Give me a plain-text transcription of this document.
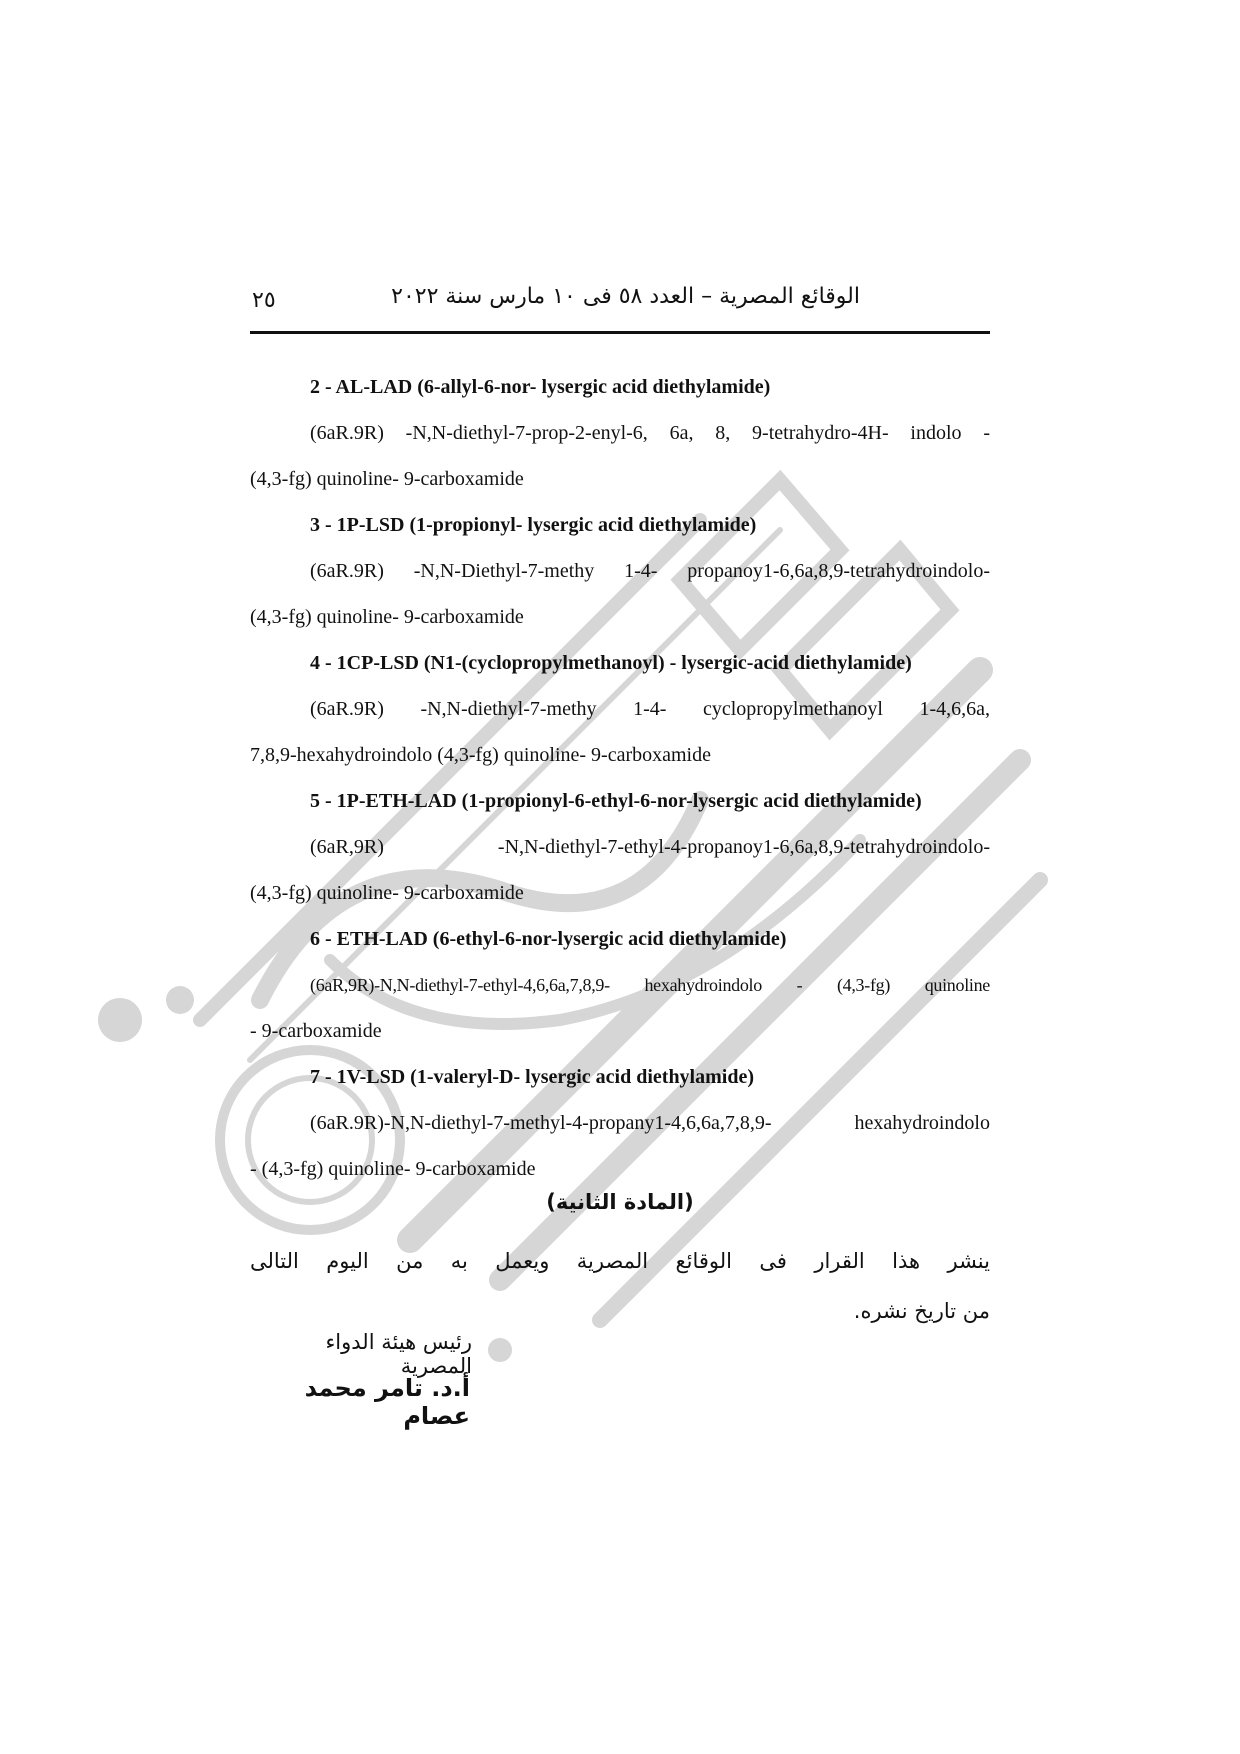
٢٥	الوقائع المصرية – العدد ٥٨ فى ١٠ مارس سنة ٢٠٢٢
2 - AL-LAD (6-allyl-6-nor- lysergic acid diethylamide)
(6aR.9R) -N,N-diethyl-7-prop-2-enyl-6, 6a, 8, 9-tetrahydro-4H- indolo -
(4,3-fg) quinoline- 9-carboxamide
3 - 1P-LSD (1-propionyl- lysergic acid diethylamide)
(6aR.9R) -N,N-Diethyl-7-methy 1-4- propanoy1-6,6a,8,9-tetrahydroindolo-
(4,3-fg) quinoline- 9-carboxamide
4 - 1CP-LSD (N1-(cyclopropylmethanoyl) - lysergic-acid diethylamide)
(6aR.9R) -N,N-diethyl-7-methy 1-4- cyclopropylmethanoyl 1-4,6,6a,
7,8,9-hexahydroindolo (4,3-fg) quinoline- 9-carboxamide
5 - 1P-ETH-LAD (1-propionyl-6-ethyl-6-nor-lysergic acid diethylamide)
(6aR,9R) -N,N-diethyl-7-ethyl-4-propanoy1-6,6a,8,9-tetrahydroindolo-
(4,3-fg) quinoline- 9-carboxamide
6 - ETH-LAD (6-ethyl-6-nor-lysergic acid diethylamide)
(6aR,9R)-N,N-diethyl-7-ethyl-4,6,6a,7,8,9- hexahydroindolo - (4,3-fg) quinoline
- 9-carboxamide
7 - 1V-LSD (1-valeryl-D- lysergic acid diethylamide)
(6aR.9R)-N,N-diethyl-7-methyl-4-propany1-4,6,6a,7,8,9- hexahydroindolo
- (4,3-fg) quinoline- 9-carboxamide
(المادة الثانية)
ينشر هذا القرار فى الوقائع المصرية ويعمل به من اليوم التالى
من تاريخ نشره.
رئيس هيئة الدواء المصرية
أ.د. تامر محمد عصام
